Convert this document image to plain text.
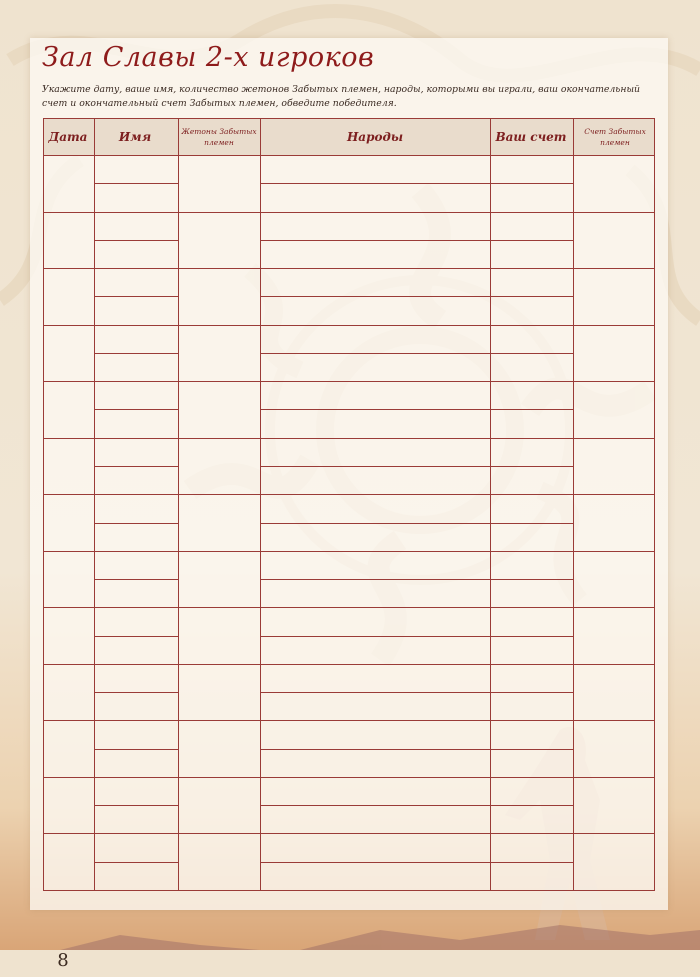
Зал Славы 2-х игроков

Укажите дату, ваше имя, количество жетонов Забытых племен, народы, которыми вы играли, ваш окончательный счет и окончательный счет Забытых племен, обведите победителя.

Дата	Имя	Жетоны Забытых племен	Народы	Ваш счет	Счет Забытых племен
8
